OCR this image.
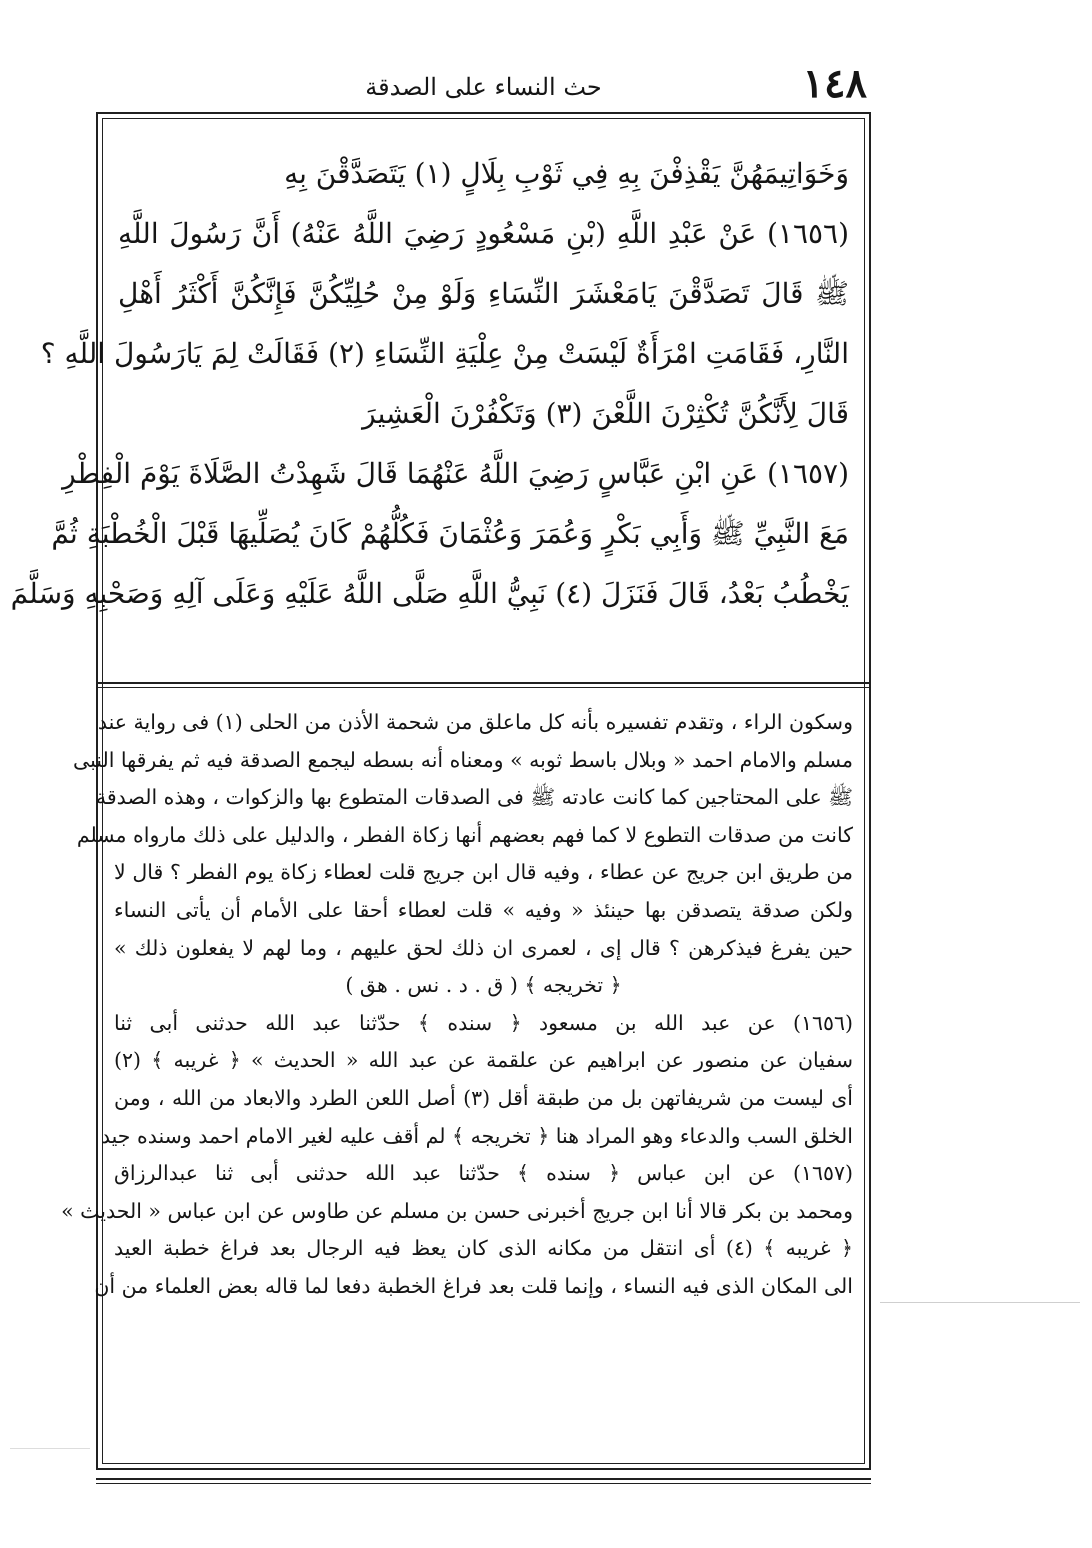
١٤٨
حث النساء على الصدقة
وَخَوَاتِيمَهُنَّ يَقْذِفْنَ بِهِ فِي ثَوْبِ بِلَالٍ (١) يَتَصَدَّقْنَ بِهِ
(١٦٥٦) عَنْ عَبْدِ اللَّهِ (بْنِ مَسْعُودٍ رَضِيَ اللَّهُ عَنْهُ) أَنَّ رَسُولَ اللَّهِ
ﷺ قَالَ تَصَدَّقْنَ يَامَعْشَرَ النِّسَاءِ وَلَوْ مِنْ حُلِيِّكُنَّ فَإِنَّكُنَّ أَكْثَرُ أَهْلِ
النَّارِ، فَقَامَتِ امْرَأَةٌ لَيْسَتْ مِنْ عِلْيَةِ النِّسَاءِ (٢) فَقَالَتْ لِمَ يَارَسُولَ اللَّهِ ؟
قَالَ لِأَنَّكُنَّ تُكْثِرْنَ اللَّعْنَ (٣) وَتَكْفُرْنَ الْعَشِيرَ
(١٦٥٧) عَنِ ابْنِ عَبَّاسٍ رَضِيَ اللَّهُ عَنْهُمَا قَالَ شَهِدْتُ الصَّلَاةَ يَوْمَ الْفِطْرِ
مَعَ النَّبِيِّ ﷺ وَأَبِي بَكْرٍ وَعُمَرَ وَعُثْمَانَ فَكُلُّهُمْ كَانَ يُصَلِّيهَا قَبْلَ الْخُطْبَةِ ثُمَّ
يَخْطُبُ بَعْدُ، قَالَ فَنَزَلَ (٤) نَبِيُّ اللَّهِ صَلَّى اللَّهُ عَلَيْهِ وَعَلَى آلِهِ وَصَحْبِهِ وَسَلَّمَ
وسكون الراء ، وتقدم تفسيره بأنه كل ماعلق من شحمة الأذن من الحلى (١) فى رواية عند
مسلم والامام احمد « وبلال باسط ثوبه » ومعناه أنه بسطه ليجمع الصدقة فيه ثم يفرقها النبى
ﷺ على المحتاجين كما كانت عادته ﷺ فى الصدقات المتطوع بها والزكوات ، وهذه الصدقة
كانت من صدقات التطوع لا كما فهم بعضهم أنها زكاة الفطر ، والدليل على ذلك مارواه مسلم
من طريق ابن جريج عن عطاء ، وفيه قال ابن جريج قلت لعطاء زكاة يوم الفطر ؟ قال لا
ولكن صدقة يتصدقن بها حينئذ « وفيه » قلت لعطاء أحقا على الأمام أن يأتى النساء
حين يفرغ فيذكرهن ؟ قال إى ، لعمرى ان ذلك لحق عليهم ، وما لهم لا يفعلون ذلك »
﴿ تخريجه ﴾ ( ق . د . نس . هق )
(١٦٥٦) عن عبد الله بن مسعود ﴿ سنده ﴾ حدّثنا عبد الله حدثنى أبى ثنا
سفيان عن منصور عن ابراهيم عن علقمة عن عبد الله « الحديث » ﴿ غريبه ﴾ (٢)
أى ليست من شريفاتهن بل من طبقة أقل (٣) أصل اللعن الطرد والابعاد من الله ، ومن
الخلق السب والدعاء وهو المراد هنا ﴿ تخريجه ﴾ لم أقف عليه لغير الامام احمد وسنده جيد
(١٦٥٧) عن ابن عباس ﴿ سنده ﴾ حدّثنا عبد الله حدثنى أبى ثنا عبدالرزاق
ومحمد بن بكر قالا أنا ابن جريج أخبرنى حسن بن مسلم عن طاوس عن ابن عباس « الحديث »
﴿ غريبه ﴾ (٤) أى انتقل من مكانه الذى كان يعظ فيه الرجال بعد فراغ خطبة العيد
الى المكان الذى فيه النساء ، وإنما قلت بعد فراغ الخطبة دفعا لما قاله بعض العلماء من أن
